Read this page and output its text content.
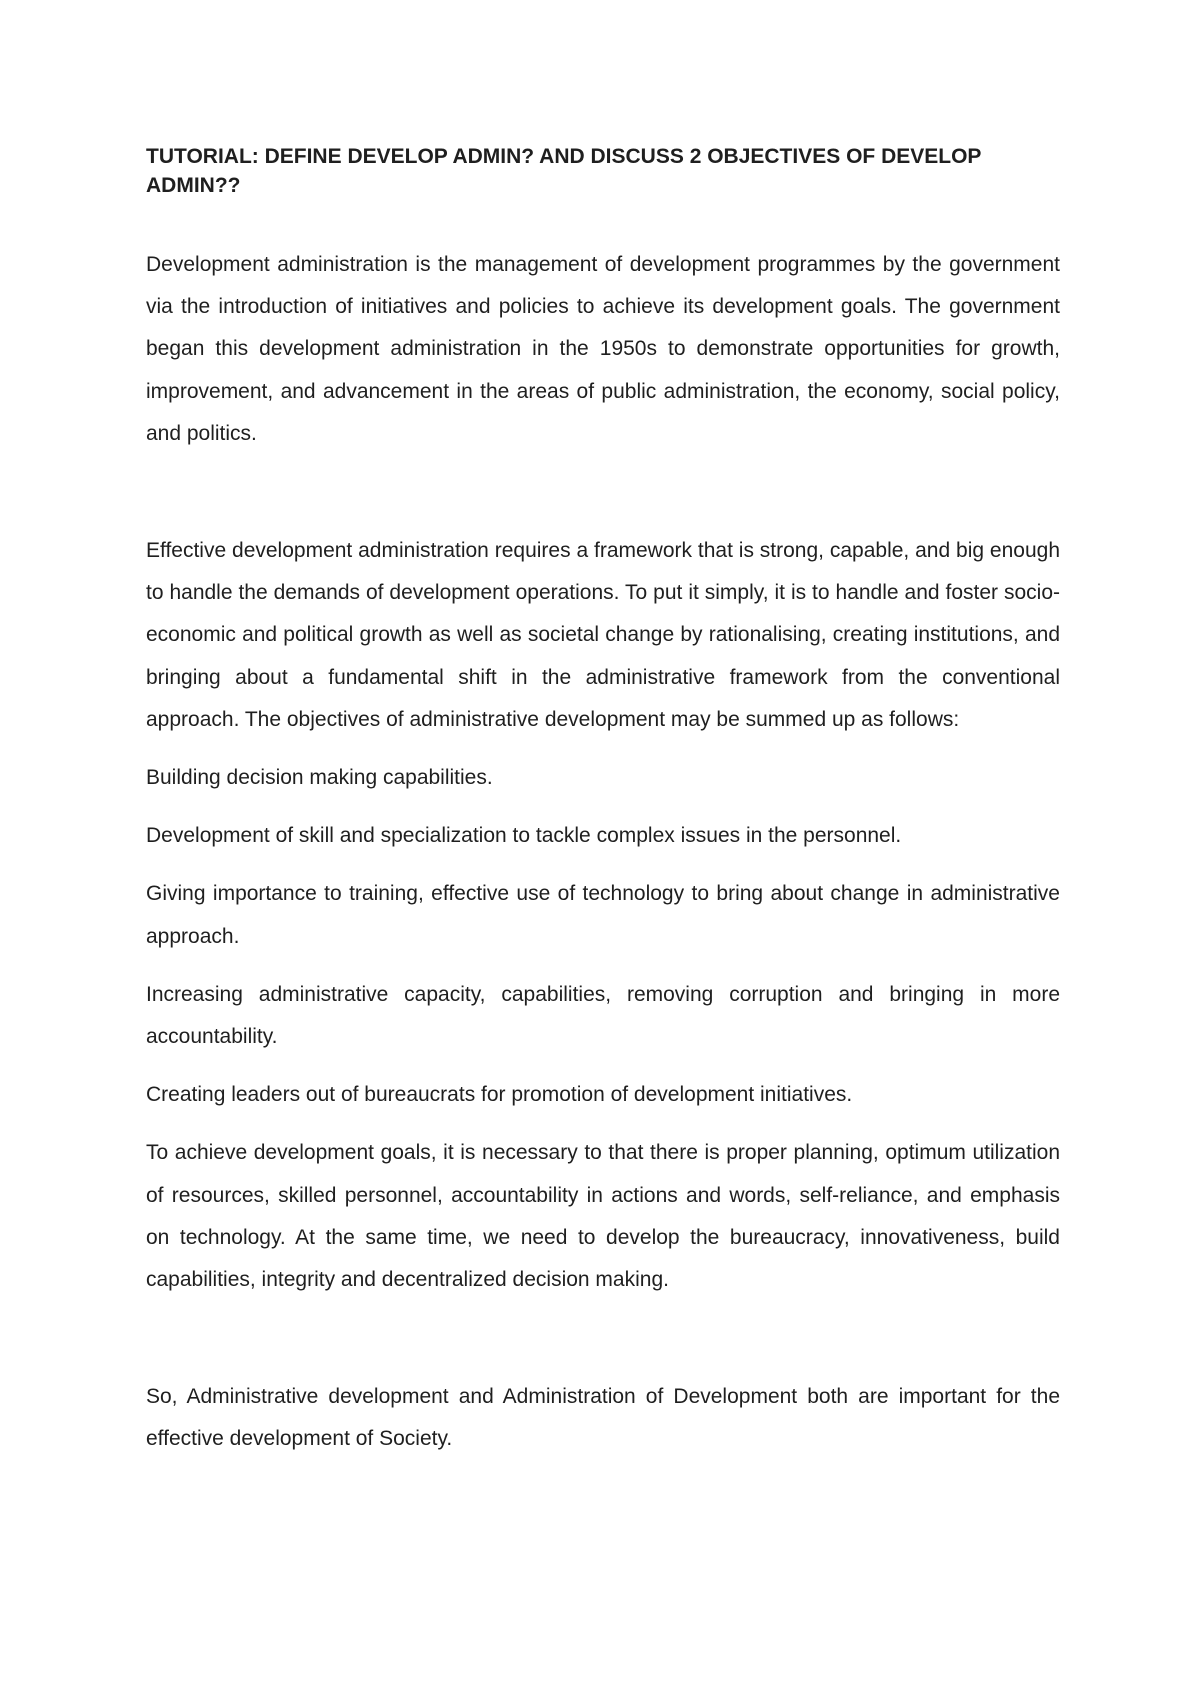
TUTORIAL: DEFINE DEVELOP ADMIN? AND DISCUSS 2 OBJECTIVES OF DEVELOP ADMIN??

Development administration is the management of development programmes by the government via the introduction of initiatives and policies to achieve its development goals. The government began this development administration in the 1950s to demonstrate opportunities for growth, improvement, and advancement in the areas of public administration, the economy, social policy, and politics.

Effective development administration requires a framework that is strong, capable, and big enough to handle the demands of development operations. To put it simply, it is to handle and foster socio-economic and political growth as well as societal change by rationalising, creating institutions, and bringing about a fundamental shift in the administrative framework from the conventional approach. The objectives of administrative development may be summed up as follows:

Building decision making capabilities.

Development of skill and specialization to tackle complex issues in the personnel.

Giving importance to training, effective use of technology to bring about change in administrative approach.

Increasing administrative capacity, capabilities, removing corruption and bringing in more accountability.

Creating leaders out of bureaucrats for promotion of development initiatives.

To achieve development goals, it is necessary to that there is proper planning, optimum utilization of resources, skilled personnel, accountability in actions and words, self-reliance, and emphasis on technology. At the same time, we need to develop the bureaucracy, innovativeness, build capabilities, integrity and decentralized decision making.

So, Administrative development and Administration of Development both are important for the effective development of Society.
